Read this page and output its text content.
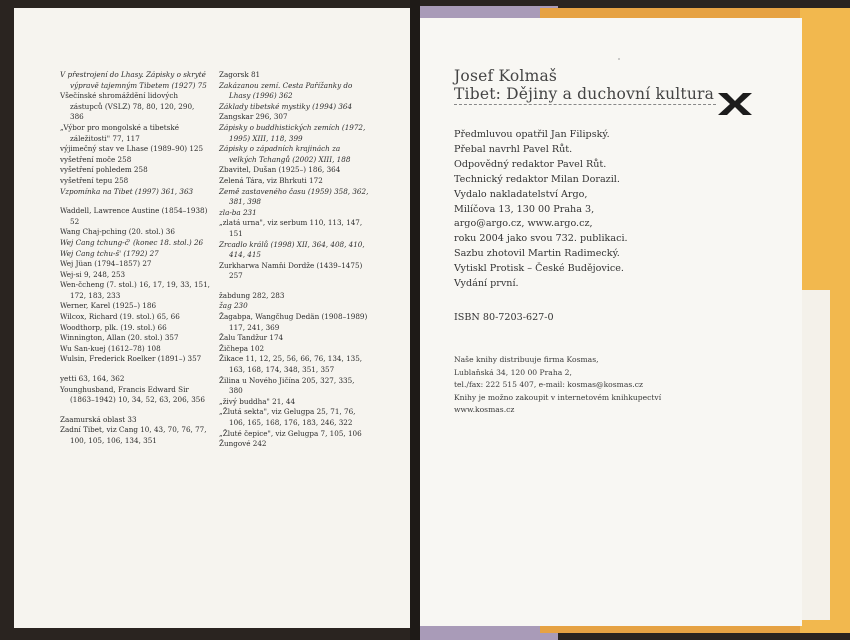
V přestrojení do Lhasy. Zápisky o skryté výpravě tajemným Tibetem (1927) 75

Všečínské shromáždění lidových zástupců (VSLZ) 78, 80, 120, 290, 386

„Výbor pro mongolské a tibetské záležitosti" 77, 117

výjimečný stav ve Lhase (1989–90) 125

vyšetření moče 258

vyšetření pohledem 258

vyšetření tepu 258

Vzpomínka na Tibet (1997) 361, 363

Waddell, Lawrence Austine (1854–1938) 52

Wang Chaj-pching (20. stol.) 36

Wej Cang tchung-č' (konec 18. stol.) 26

Wej Cang tchu-š' (1792) 27

Wej Jüan (1794–1857) 27

Wej-si 9, 248, 253

Wen-čcheng (7. stol.) 16, 17, 19, 33, 151, 172, 183, 233

Werner, Karel (1925–) 186

Wilcox, Richard (19. stol.) 65, 66

Woodthorp, plk. (19. stol.) 66

Winnington, Allan (20. stol.) 357

Wu San-kuej (1612–78) 108

Wulsin, Frederick Roelker (1891–) 357

yetti 63, 164, 362

Younghusband, Francis Edward Sir (1863–1942) 10, 34, 52, 63, 206, 356

Zaamurská oblast 33

Zadní Tibet, viz Cang 10, 43, 70, 76, 77, 100, 105, 106, 134, 351

Zagorsk 81

Zakázanou zemí. Cesta Pařížanky do Lhasy (1996) 362

Základy tibetské mystiky (1994) 364

Zangskar 296, 307

Zápisky o buddhistických zemích (1972, 1995) XIII, 118, 399

Zápisky o západních krajinách za velkých Tchangů (2002) XIII, 188

Zbavitel, Dušan (1925–) 186, 364

Zelená Tára, viz Bhrkuti 172

Země zastaveného času (1959) 358, 362, 381, 398

zla-ba 231

„zlatá urna", viz serbum 110, 113, 147, 151

Zrcadlo králů (1998) XII, 364, 408, 410, 414, 415

Zurkharwa Namňi Dordže (1439–1475) 257

žabdung 282, 283

žag 230

Žagabpa, Wangčhug Dedän (1908–1989) 117, 241, 369

Žalu Tandžur 174

Žičhepa 102

Žikace 11, 12, 25, 56, 66, 76, 134, 135, 163, 168, 174, 348, 351, 357

Žilina u Nového Jičína 205, 327, 335, 380

„živý buddha" 21, 44

„Žlutá sekta", viz Gelugpa 25, 71, 76, 106, 165, 168, 176, 183, 246, 322

„Žluté čepice", viz Gelugpa 7, 105, 106

Žungové 242

Josef Kolmaš
Tibet: Dějiny a duchovní kultura

Předmluvou opatřil Jan Filipský.

Přebal navrhl Pavel Růt.

Odpovědný redaktor Pavel Růt.

Technický redaktor Milan Dorazil.

Vydalo nakladatelství Argo,

Milíčova 13, 130 00 Praha 3,

argo@argo.cz, www.argo.cz,

roku 2004 jako svou 732. publikaci.

Sazbu zhotovil Martin Radimecký.

Vytiskl Protisk – České Budějovice.

Vydání první.

ISBN 80-7203-627-0

Naše knihy distribuuje firma Kosmas,

Lublaňská 34, 120 00 Praha 2,

tel./fax: 222 515 407, e-mail: kosmas@kosmas.cz

Knihy je možno zakoupit v internetovém knihkupectví

www.kosmas.cz
